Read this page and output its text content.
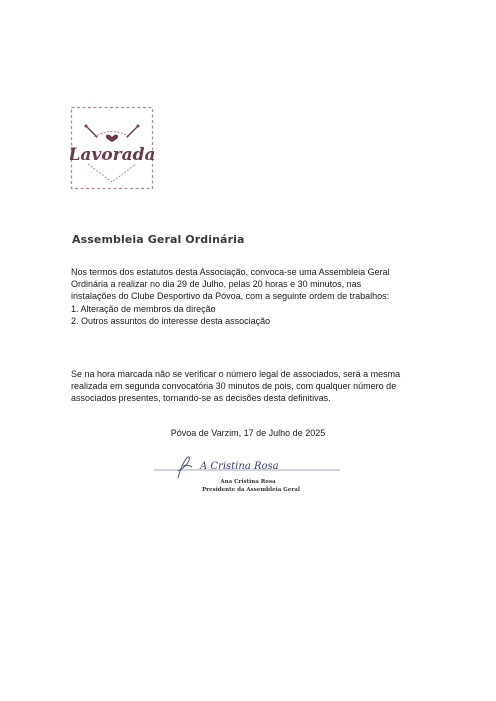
Lavorada
Assembleia Geral Ordinária
Nos termos dos estatutos desta Associação, convoca-se uma Assembleia Geral
Ordinária a realizar no dia 29 de Julho, pelas 20 horas e 30 minutos, nas
instalações do Clube Desportivo da Póvoa, com a seguinte ordem de trabalhos:
1. Alteração de membros da direção
2. Outros assuntos do interesse desta associação
Se na hora marcada não se verificar o número legal de associados, será a mesma
realizada em segunda convocatória 30 minutos de pois, com qualquer número de
associados presentes, tornando-se as decisões desta definitivas.
Póvoa de Varzim, 17 de Julho de 2025
A Cristina Rosa
Ana Cristina Rosa
Presidente da Assembleia Geral
